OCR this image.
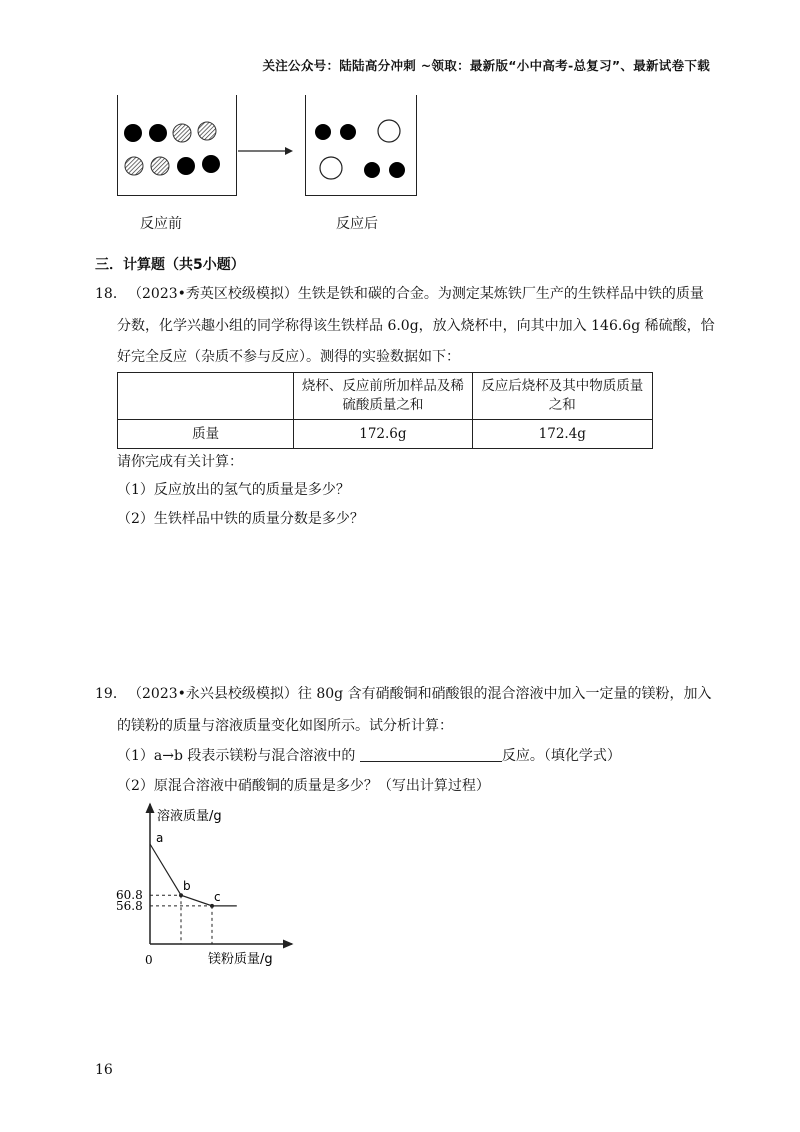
关注公众号：陆陆高分冲刺 ~领取：最新版“小中高考-总复习”、最新试卷下载
反应前	反应后
三．计算题（共5小题）
18． （2023•秀英区校级模拟）生铁是铁和碳的合金。为测定某炼铁厂生产的生铁样品中铁的质量
分数，化学兴趣小组的同学称得该生铁样品 6.0g，放入烧杯中，向其中加入 146.6g 稀硫酸，恰
好完全反应（杂质不参与反应）。测得的实验数据如下：
	烧杯、反应前所加样品及稀
硫酸质量之和	反应后烧杯及其中物质质量
之和
质量	172.6g	172.4g
请你完成有关计算：
（1）反应放出的氢气的质量是多少？
（2）生铁样品中铁的质量分数是多少？
19． （2023•永兴县校级模拟）往 80g 含有硝酸铜和硝酸银的混合溶液中加入一定量的镁粉，加入
的镁粉的质量与溶液质量变化如图所示。试分析计算：
（1）a→b 段表示镁粉与混合溶液中的	反应。（填化学式）
（2）原混合溶液中硝酸铜的质量是多少？（写出计算过程）
溶液质量/g
镁粉质量/g
0
a
b
c
60.8
56.8
16
